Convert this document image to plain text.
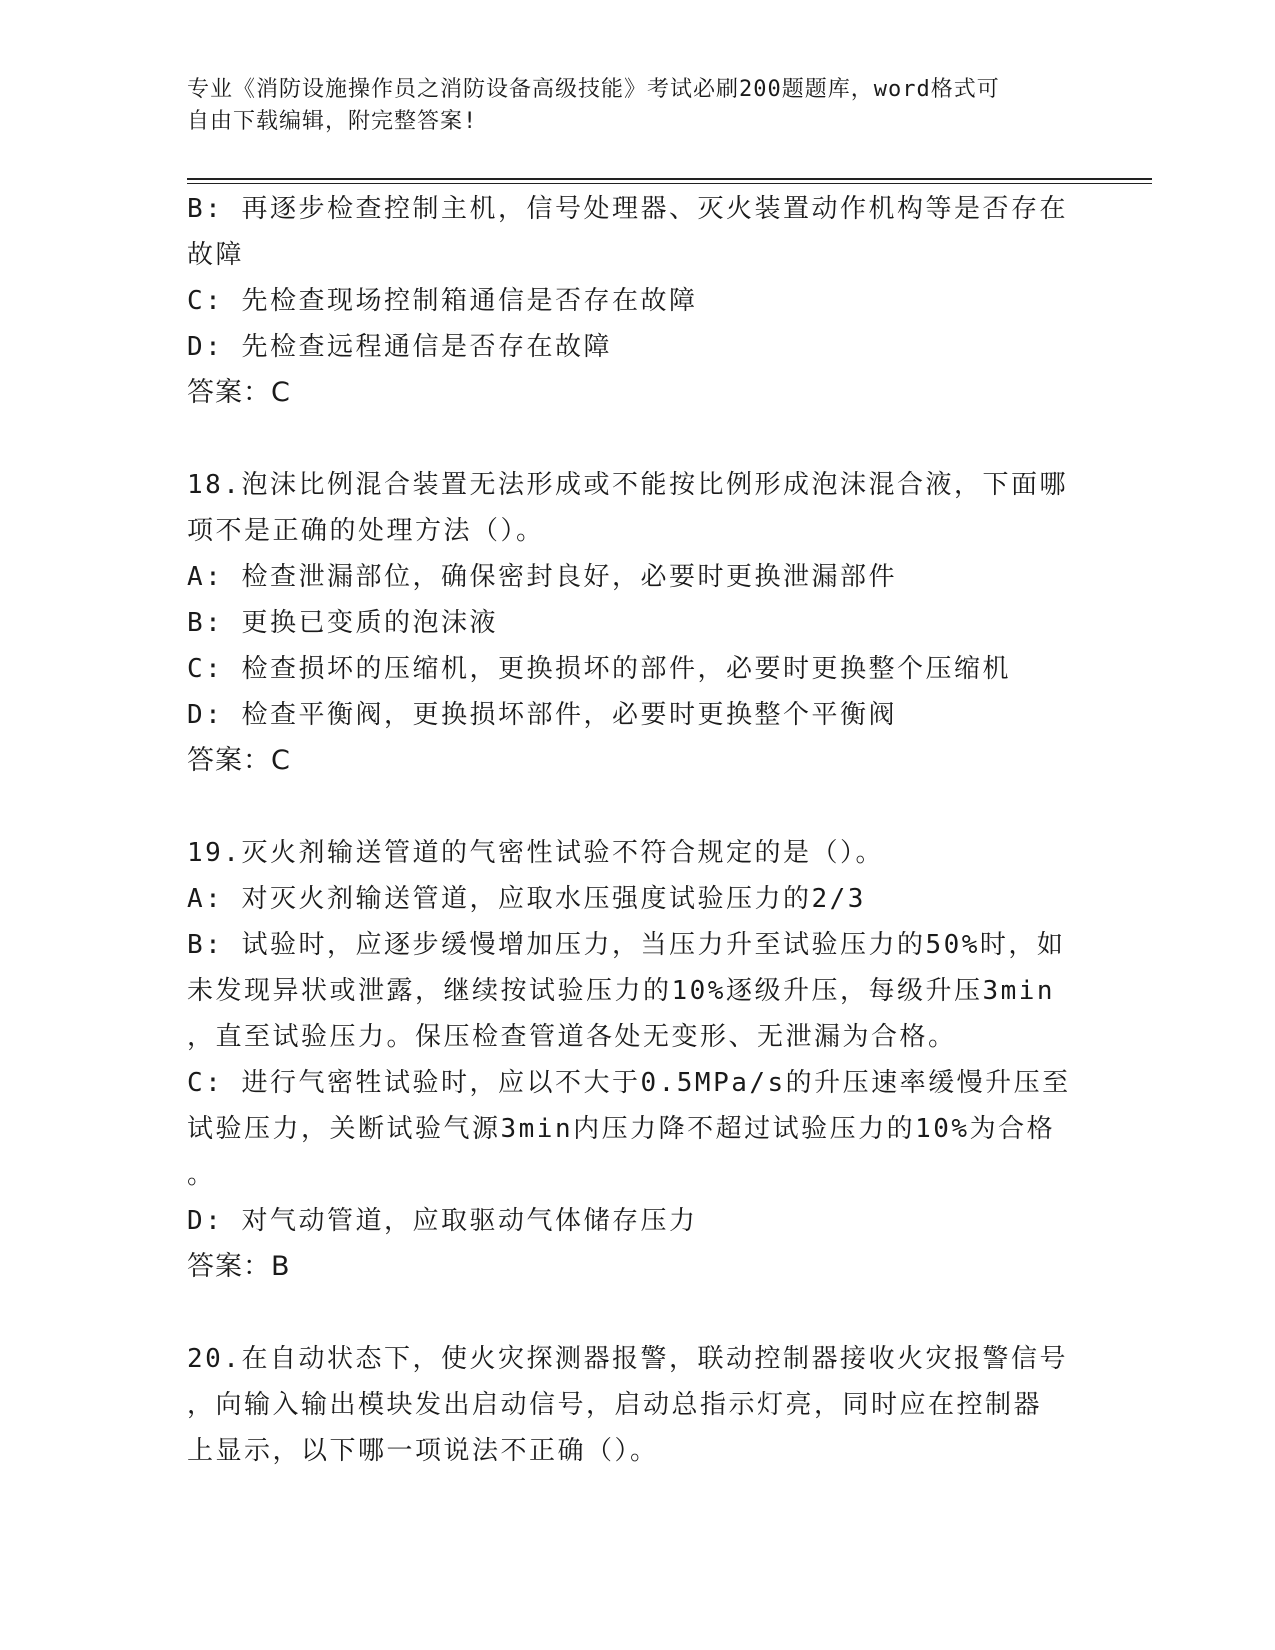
专业《消防设施操作员之消防设备高级技能》考试必刷200题题库，word格式可
自由下载编辑，附完整答案!
B: 再逐步检查控制主机，信号处理器、灭火装置动作机构等是否存在
故障
C: 先检查现场控制箱通信是否存在故障
D: 先检查远程通信是否存在故障
答案：C
18.泡沫比例混合装置无法形成或不能按比例形成泡沫混合液，下面哪
项不是正确的处理方法（）。
A: 检查泄漏部位，确保密封良好，必要时更换泄漏部件
B: 更换已变质的泡沫液
C: 检查损坏的压缩机，更换损坏的部件，必要时更换整个压缩机
D: 检查平衡阀，更换损坏部件，必要时更换整个平衡阀
答案：C
19.灭火剂输送管道的气密性试验不符合规定的是（）。
A: 对灭火剂输送管道，应取水压强度试验压力的2/3
B: 试验时，应逐步缓慢增加压力，当压力升至试验压力的50%时，如
未发现异状或泄露，继续按试验压力的10%逐级升压，每级升压3min
，直至试验压力。保压检查管道各处无变形、无泄漏为合格。
C: 进行气密牲试验时，应以不大于0.5MPa/s的升压速率缓慢升压至
试验压力，关断试验气源3min内压力降不超过试验压力的10%为合格
。
D: 对气动管道，应取驱动气体储存压力
答案：B
20.在自动状态下，使火灾探测器报警，联动控制器接收火灾报警信号
，向输入输出模块发出启动信号，启动总指示灯亮，同时应在控制器
上显示，以下哪一项说法不正确（）。
